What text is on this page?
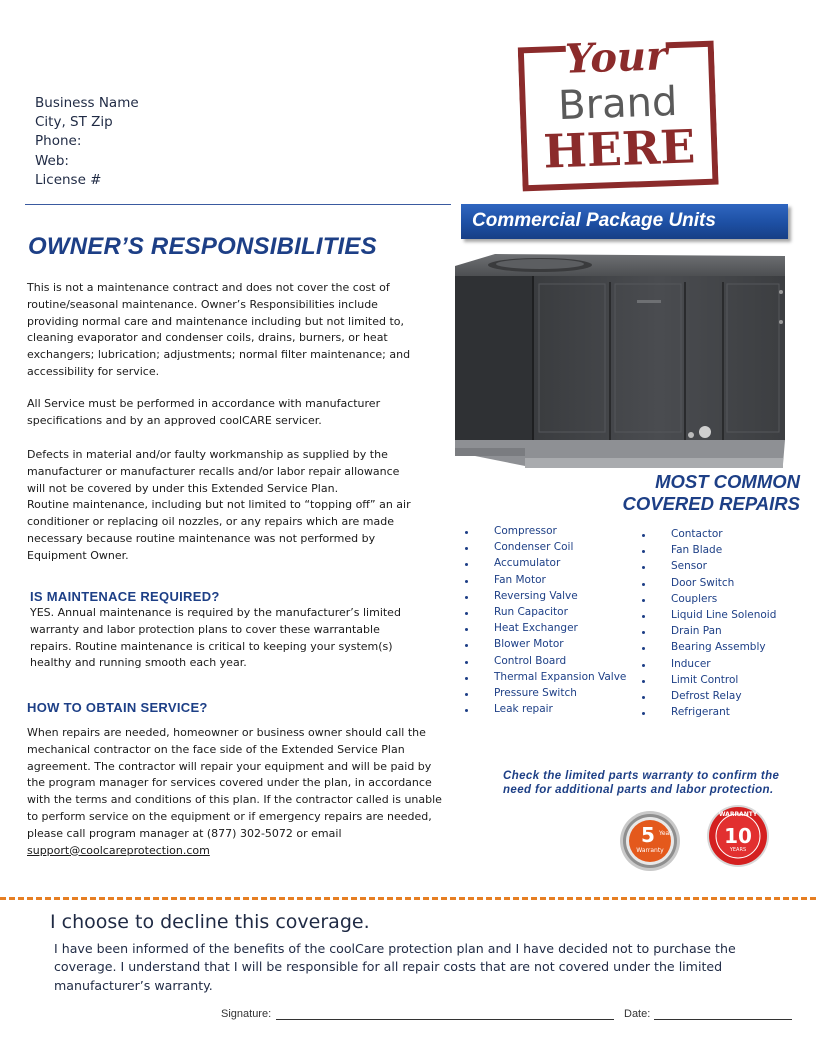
Business Name
City, ST Zip
Phone:
Web:
License #
Your
Brand
HERE
Commercial Package Units
OWNER’S RESPONSIBILITIES

This is not a maintenance contract and does not cover the cost of routine/seasonal maintenance. Owner’s Responsibilities include providing normal care and maintenance including but not limited to, cleaning evaporator and condenser coils, drains, burners, or heat exchangers; lubrication; adjustments; normal filter maintenance; and accessibility for service.

All Service must be performed in accordance with manufacturer specifications and by an approved coolCARE servicer.

Defects in material and/or faulty workmanship as supplied by the manufacturer or manufacturer recalls and/or labor repair allowance will not be covered by under this Extended Service Plan.

Routine maintenance, including but not limited to “topping off” an air conditioner or replacing oil nozzles, or any repairs which are made necessary because routine maintenance was not performed by Equipment Owner.

IS MAINTENACE REQUIRED?

YES. Annual maintenance is required by the manufacturer’s limited warranty and labor protection plans to cover these warrantable repairs. Routine maintenance is critical to keeping your system(s) healthy and running smooth each year.

HOW TO OBTAIN SERVICE?

When repairs are needed, homeowner or business owner should call the mechanical contractor on the face side of the Extended Service Plan agreement. The contractor will repair your equipment and will be paid by the program manager for services covered under the plan, in accordance with the terms and conditions of this plan. If the contractor called is unable to perform service on the equipment or if emergency repairs are needed, please call program manager at (877) 302-5072 or email support@coolcareprotection.com

MOST COMMON
COVERED REPAIRS
Compressor
Condenser Coil
Accumulator
Fan Motor
Reversing Valve
Run Capacitor
Heat Exchanger
Blower Motor
Control Board
Thermal Expansion Valve
Pressure Switch
Leak repair
Contactor
Fan Blade
Sensor
Door Switch
Couplers
Liquid Line Solenoid
Drain Pan
Bearing Assembly
Inducer
Limit Control
Defrost Relay
Refrigerant
Check the limited parts warranty to confirm the need for additional parts and labor protection.
5 Year
Warranty
10
YEARS
WARRANTY
I choose to decline this coverage.
I have been informed of the benefits of the coolCare protection plan and I have decided not to purchase the coverage. I understand that I will be responsible for all repair costs that are not covered under the limited manufacturer’s warranty.
Signature:	Date:
